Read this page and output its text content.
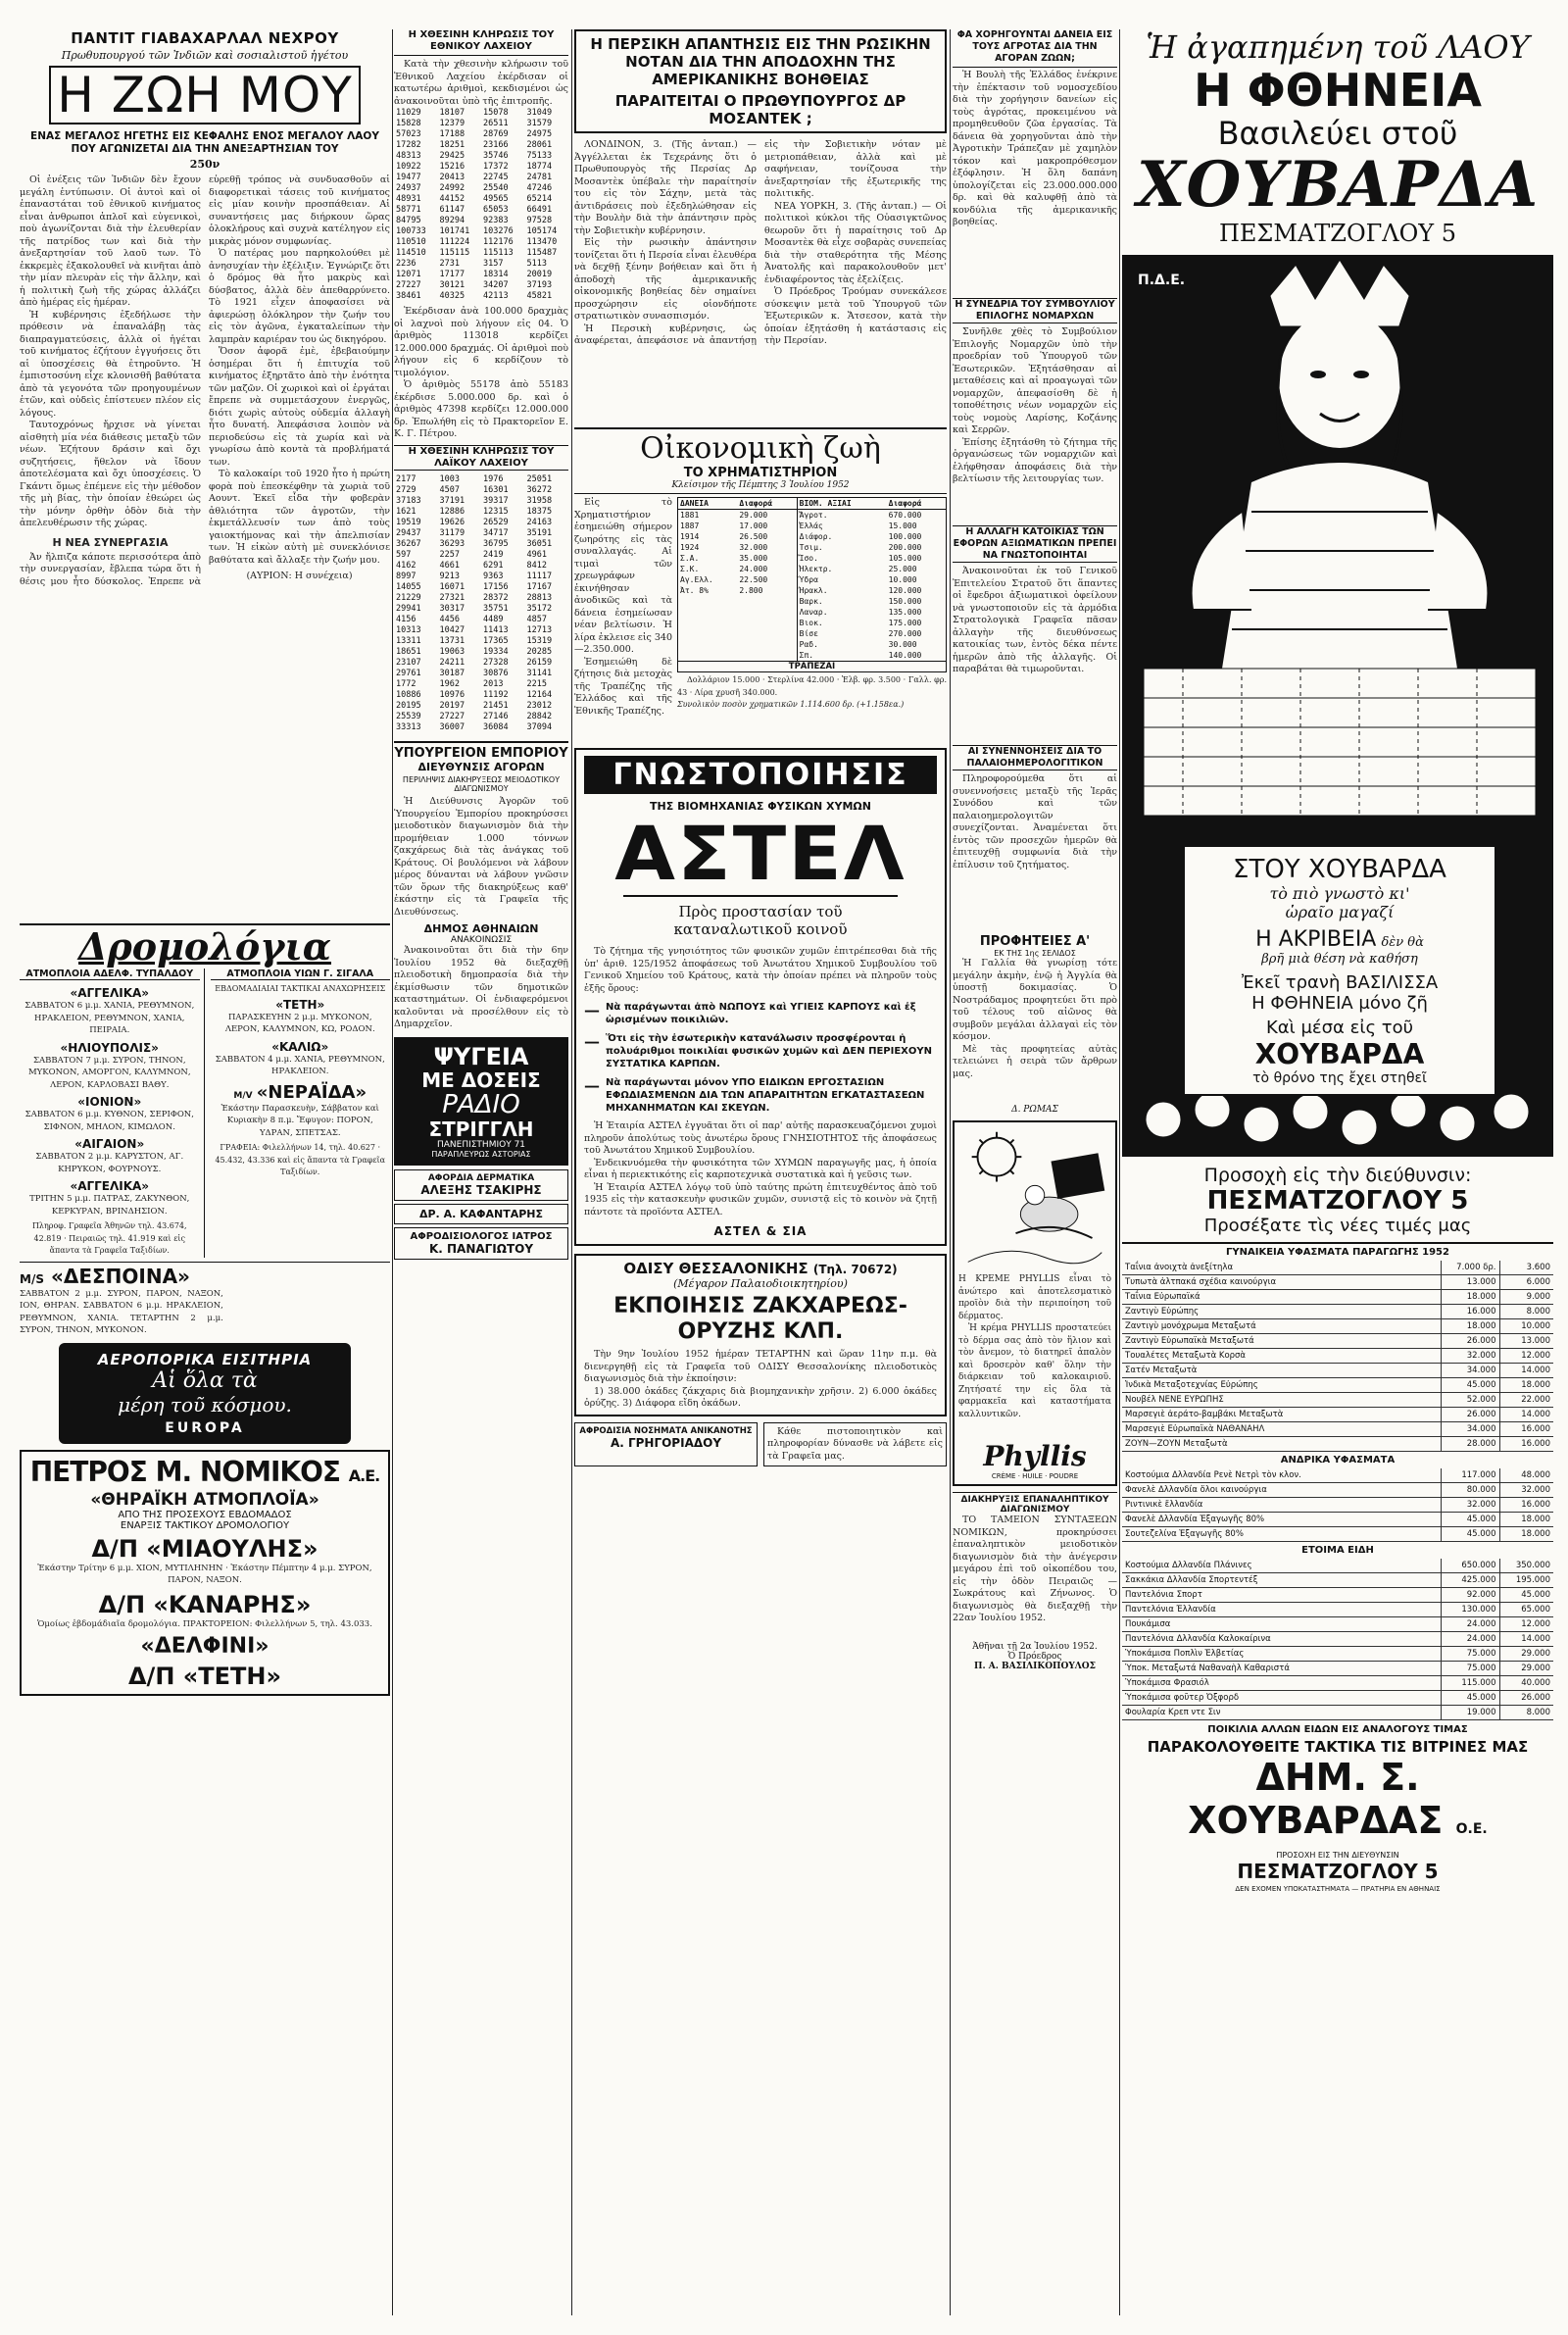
ΠΑΝΤΙΤ ΓΙΑΒΑΧΑΡΛΑΛ ΝΕΧΡΟΥ
Πρωθυπουργού τῶν Ἰνδιῶν καὶ σοσιαλιστοῦ ἡγέτου
Η ΖΩΗ ΜΟΥ
ΕΝΑΣ ΜΕΓΑΛΟΣ ΗΓΕΤΗΣ ΕΙΣ ΚΕΦΑΛΗΣ ΕΝΟΣ ΜΕΓΑΛΟΥ ΛΑΟΥ ΠΟΥ ΑΓΩΝΙΖΕΤΑΙ ΔΙΑ ΤΗΝ ΑΝΕΞΑΡΤΗΣΙΑΝ ΤΟΥ
250ν

Οἱ ἐνέξεις τῶν Ἰνδιῶν δὲν ἔχουν μεγάλη ἐντύπωσιν. Οἱ ἀυτοὶ καὶ οἱ ἐπαναστάται τοῦ ἐθνικοῦ κινήματος εἶναι ἀνθρωποι ἁπλοῖ καὶ εὐγενικοὶ, ποὺ ἀγωνίζονται διὰ τὴν ἐλευθερίαν τῆς πατρίδος των καὶ διὰ τὴν ἀνεξαρτησίαν τοῦ λαοῦ των. Τὸ ἐκκρεμὲς ἐξακολουθεῖ νὰ κινῆται ἀπὸ τὴν μίαν πλευρὰν εἰς τὴν ἄλλην, καὶ ἡ πολιτικὴ ζωὴ τῆς χώρας ἀλλάζει ἀπὸ ἡμέρας εἰς ἡμέραν.

Ἡ κυβέρνησις ἐξεδήλωσε τὴν πρόθεσιν νὰ ἐπαναλάβῃ τὰς διαπραγματεύσεις, ἀλλὰ οἱ ἡγέται τοῦ κινήματος ἐζήτουν ἐγγυήσεις ὅτι αἱ ὑποσχέσεις θὰ ἐτηροῦντο. Ἡ ἐμπιστοσύνη εἶχε κλονισθῆ βαθύτατα ἀπὸ τὰ γεγονότα τῶν προηγουμένων ἐτῶν, καὶ οὐδεὶς ἐπίστευεν πλέον εἰς λόγους.

Ταυτοχρόνως ἤρχισε νὰ γίνεται αἰσθητὴ μία νέα διάθεσις μεταξὺ τῶν νέων. Ἐζήτουν δράσιν καὶ ὄχι συζητήσεις, ἤθελον νὰ ἴδουν ἀποτελέσματα καὶ ὄχι ὑποσχέσεις. Ὁ Γκάντι ὅμως ἐπέμενε εἰς τὴν μέθοδον τῆς μὴ βίας, τὴν ὁποίαν ἐθεώρει ὡς τὴν μόνην ὀρθὴν ὁδὸν διὰ τὴν ἀπελευθέρωσιν τῆς χώρας.

Η ΝΕΑ ΣΥΝΕΡΓΑΣΙΑ

Ἀν ἤλπιζα κάποτε περισσότερα ἀπὸ τὴν συνεργασίαν, ἔβλεπα τώρα ὅτι ἡ θέσις μου ἦτο δύσκολος. Ἐπρεπε νὰ εὑρεθῇ τρόπος νὰ συνδυασθοῦν αἱ διαφορετικαὶ τάσεις τοῦ κινήματος εἰς μίαν κοινὴν προσπάθειαν. Αἱ συναντήσεις μας διήρκουν ὥρας ὁλοκλήρους καὶ συχνὰ κατέληγον εἰς μικρὰς μόνον συμφωνίας.

Ὁ πατέρας μου παρηκολούθει μὲ ἀνησυχίαν τὴν ἐξέλιξιν. Ἐγνώριζε ὅτι ὁ δρόμος θὰ ἦτο μακρὺς καὶ δύσβατος, ἀλλὰ δὲν ἀπεθαρρύνετο. Τὸ 1921 εἶχεν ἀποφασίσει νὰ ἀφιερώσῃ ὁλόκληρον τὴν ζωήν του εἰς τὸν ἀγῶνα, ἐγκαταλείπων τὴν λαμπρὰν καριέραν του ὡς δικηγόρου.

Ὅσον ἀφορᾶ ἐμὲ, ἐβεβαιούμην ὁσημέραι ὅτι ἡ ἐπιτυχία τοῦ κινήματος ἐξηρτᾶτο ἀπὸ τὴν ἑνότητα τῶν μαζῶν. Οἱ χωρικοὶ καὶ οἱ ἐργάται ἔπρεπε νὰ συμμετάσχουν ἐνεργῶς, διότι χωρὶς αὐτοὺς οὐδεμία ἀλλαγὴ ἦτο δυνατή. Ἀπεφάσισα λοιπὸν νὰ περιοδεύσω εἰς τὰ χωρία καὶ νὰ γνωρίσω ἀπὸ κοντὰ τὰ προβλήματά των.

Τὸ καλοκαίρι τοῦ 1920 ἦτο ἡ πρώτη φορὰ ποὺ ἐπεσκέφθην τὰ χωριὰ τοῦ Αουντ. Ἐκεῖ εἶδα τὴν φοβερὰν ἀθλιότητα τῶν ἀγροτῶν, τὴν ἐκμετάλλευσίν των ἀπὸ τοὺς γαιοκτήμονας καὶ τὴν ἀπελπισίαν των. Ἡ εἰκὼν αὐτὴ μὲ συνεκλόνισε βαθύτατα καὶ ἄλλαξε τὴν ζωήν μου.

(ΑΥΡΙΟΝ: Η συνέχεια)
Δρομολόγια
ΑΤΜΟΠΛΟΙΑ ΑΔΕΛΦ. ΤΥΠΑΛΔΟΥ
«ΑΓΓΕΛΙΚΑ»
ΣΑΒΒΑΤΟΝ 6 μ.μ. ΧΑΝΙΑ, ΡΕΘΥΜΝΟΝ, ΗΡΑΚΛΕΙΟΝ, ΡΕΘΥΜΝΟΝ, ΧΑΝΙΑ, ΠΕΙΡΑΙΑ.
«ΗΛΙΟΥΠΟΛΙΣ»
ΣΑΒΒΑΤΟΝ 7 μ.μ. ΣΥΡΟΝ, ΤΗΝΟΝ, ΜΥΚΟΝΟΝ, ΑΜΟΡΓΟΝ, ΚΑΛΥΜΝΟΝ, ΛΕΡΟΝ, ΚΑΡΛΟΒΑΣΙ ΒΑΘΥ.
«ΙΟΝΙΟΝ»
ΣΑΒΒΑΤΟΝ 6 μ.μ. ΚΥΘΝΟΝ, ΣΕΡΙΦΟΝ, ΣΙΦΝΟΝ, ΜΗΛΟΝ, ΚΙΜΩΛΟΝ.
«ΑΙΓΑΙΟΝ»
ΣΑΒΒΑΤΟΝ 2 μ.μ. ΚΑΡΥΣΤΟΝ, ΑΓ. ΚΗΡΥΚΟΝ, ΦΟΥΡΝΟΥΣ.
«ΑΓΓΕΛΙΚΑ»
ΤΡΙΤΗΝ 5 μ.μ. ΠΑΤΡΑΣ, ΖΑΚΥΝΘΟΝ, ΚΕΡΚΥΡΑΝ, ΒΡΙΝΔΗΣΙΟΝ.
Πληροφ. Γραφεῖα Ἀθηνῶν τηλ. 43.674, 42.819 · Πειραιῶς τηλ. 41.919 καὶ εἰς ἅπαντα τὰ Γραφεῖα Ταξιδίων.
ΑΤΜΟΠΛΟΙΑ ΥΙΩΝ Γ. ΣΙΓΑΛΑ
ΕΒΔΟΜΑΔΙΑΙΑΙ ΤΑΚΤΙΚΑΙ ΑΝΑΧΩΡΗΣΕΙΣ
«ΤΕΤΗ»
ΠΑΡΑΣΚΕΥΗΝ 2 μ.μ. ΜΥΚΟΝΟΝ, ΛΕΡΟΝ, ΚΑΛΥΜΝΟΝ, ΚΩ, ΡΟΔΟΝ.
«ΚΑΛΙΩ»
ΣΑΒΒΑΤΟΝ 4 μ.μ. ΧΑΝΙΑ, ΡΕΘΥΜΝΟΝ, ΗΡΑΚΛΕΙΟΝ.
Μ/V «ΝΕΡΑΪΔΑ»
Ἑκάστην Παρασκευὴν, Σάββατον καὶ Κυριακὴν 8 π.μ. Ἔφυγον: ΠΟΡΟΝ, ΥΔΡΑΝ, ΣΠΕΤΣΑΣ.
ΓΡΑΦΕΙΑ: Φιλελλήνων 14, τηλ. 40.627 · 45.432, 43.336 καὶ εἰς ἅπαντα τὰ Γραφεῖα Ταξιδίων.
Μ/S «ΔΕΣΠΟΙΝΑ»
ΣΑΒΒΑΤΟΝ 2 μ.μ. ΣΥΡΟΝ, ΠΑΡΟΝ, ΝΑΞΟΝ, ΙΟΝ, ΘΗΡΑΝ. ΣΑΒΒΑΤΟΝ 6 μ.μ. ΗΡΑΚΛΕΙΟΝ, ΡΕΘΥΜΝΟΝ, ΧΑΝΙΑ. ΤΕΤΑΡΤΗΝ 2 μ.μ. ΣΥΡΟΝ, ΤΗΝΟΝ, ΜΥΚΟΝΟΝ.
ΑΕΡΟΠΟΡΙΚΑ ΕΙΣΙΤΗΡΙΑ
Αἱ ὅλα τὰ
μέρη τοῦ κόσμου.
EUROPA
ΠΕΤΡΟΣ Μ. ΝΟΜΙΚΟΣ Α.Ε.
«ΘΗΡΑΪΚΗ ΑΤΜΟΠΛΟΪΑ»
ΑΠΟ ΤΗΣ ΠΡΟΣΕΧΟΥΣ ΕΒΔΟΜΑΔΟΣ
ΕΝΑΡΞΙΣ ΤΑΚΤΙΚΟΥ ΔΡΟΜΟΛΟΓΙΟΥ
Δ/Π «ΜΙΑΟΥΛΗΣ»
Ἐκάστην Τρίτην 6 μ.μ. ΧΙΟΝ, ΜΥΤΙΛΗΝΗΝ · Ἐκάστην Πέμπτην 4 μ.μ. ΣΥΡΟΝ, ΠΑΡΟΝ, ΝΑΞΟΝ.
Δ/Π «ΚΑΝΑΡΗΣ»
Ὁμοίως ἑβδομάδιαῖα δρομολόγια. ΠΡΑΚΤΟΡΕΙΟΝ: Φιλελλήνων 5, τηλ. 43.033.
«ΔΕΛΦΙΝΙ»
Δ/Π «ΤΕΤΗ»
Η ΧΘΕΣΙΝΗ ΚΛΗΡΩΣΙΣ ΤΟΥ ΕΘΝΙΚΟΥ ΛΑΧΕΙΟΥ

Κατὰ τὴν χθεσινὴν κλήρωσιν τοῦ Ἐθνικοῦ Λαχείου ἐκέρδισαν οἱ κατωτέρω ἀριθμοὶ, κεκδισμένοι ὡς ἀνακοινοῦται ὑπὸ τῆς ἐπιτροπῆς.

11029	18107	15078	31049
15828	12379	26511	31579
57023	17188	28769	24975
17282	18251	23166	28061
48313	29425	35746	75133
10922	15216	17372	18774
19477	20413	22745	24781
24937	24992	25540	47246
48931	44152	49565	65214
58771	61147	65053	66491
84795	89294	92383	97528
100733	101741	103276	105174
110510	111224	112176	113470
114510	115115	115113	115487
2236	2731	3157	5113
12071	17177	18314	20019
27227	30121	34207	37193
38461	40325	42113	45821

Ἐκέρδισαν ἀνὰ 100.000 δραχμὰς οἱ λαχνοὶ ποὺ λήγουν εἰς 04. Ὁ ἀριθμὸς 113018 κερδίζει 12.000.000 δραχμάς. Οἱ ἀριθμοὶ ποὺ λήγουν εἰς 6 κερδίζουν τὸ τιμολόγιον.

Ὁ ἀριθμὸς 55178 ἀπὸ 55183 ἐκέρδισε 5.000.000 δρ. καὶ ὁ ἀριθμὸς 47398 κερδίζει 12.000.000 δρ. Ἐπωλήθη εἰς τὸ Πρακτορεῖον Ε. Κ. Γ. Πέτρου.

Η ΧΘΕΣΙΝΗ ΚΛΗΡΩΣΙΣ ΤΟΥ ΛΑΪΚΟΥ ΛΑΧΕΙΟΥ
2177	1003	1976	25051
2729	4507	16301	36272
37183	37191	39317	31958
1621	12886	12315	18375
19519	19626	26529	24163
29437	31179	34717	35191
36267	36293	36795	36051
597	2257	2419	4961
4162	4661	6291	8412
8997	9213	9363	11117
14055	16071	17156	17167
21229	27321	28372	28813
29941	30317	35751	35172
4156	4456	4489	4857
10313	10427	11413	12713
13311	13731	17365	15319
18651	19063	19334	20285
23107	24211	27328	26159
29761	30187	30876	31141
1772	1962	2013	2215
10886	10976	11192	12164
20195	20197	21451	23012
25539	27227	27146	28842
33313	36007	36084	37094
ΥΠΟΥΡΓΕΙΟΝ ΕΜΠΟΡΙΟΥ
ΔΙΕΥΘΥΝΣΙΣ ΑΓΟΡΩΝ
ΠΕΡΙΛΗΨΙΣ ΔΙΑΚΗΡΥΞΕΩΣ ΜΕΙΟΔΟΤΙΚΟΥ ΔΙΑΓΩΝΙΣΜΟΥ

Ἡ Διεύθυνσις Ἀγορῶν τοῦ Ὑπουργείου Ἐμπορίου προκηρύσσει μειοδοτικὸν διαγωνισμὸν διὰ τὴν προμήθειαν 1.000 τόννων ζακχάρεως διὰ τὰς ἀνάγκας τοῦ Κράτους. Οἱ βουλόμενοι νὰ λάβουν μέρος δύνανται νὰ λάβουν γνῶσιν τῶν ὅρων τῆς διακηρύξεως καθ' ἑκάστην εἰς τὰ Γραφεῖα τῆς Διευθύνσεως.

ΔΗΜΟΣ ΑΘΗΝΑΙΩΝ
ΑΝΑΚΟΙΝΩΣΙΣ

Ἀνακοινοῦται ὅτι διὰ τὴν 6ην Ἰουλίου 1952 θὰ διεξαχθῇ πλειοδοτικὴ δημοπρασία διὰ τὴν ἐκμίσθωσιν τῶν δημοτικῶν καταστημάτων. Οἱ ἐνδιαφερόμενοι καλοῦνται νὰ προσέλθουν εἰς τὸ Δημαρχεῖον.

ΨΥΓΕΙΑ
ΜΕ ΔΟΣΕΙΣ
ΡΑΔΙΟ
ΣΤΡΙΓΓΛΗ
ΠΑΝΕΠΙΣΤΗΜΙΟΥ 71
ΠΑΡΑΠΛΕΥΡΩΣ ΑΣΤΟΡΙΑΣ
ΑΦΟΡΔΙΑ ΔΕΡΜΑΤΙΚΑ
ΑΛΕΞΗΣ ΤΣΑΚΙΡΗΣ
ΔΡ. Α. ΚΑΦΑΝΤΑΡΗΣ
ΑΦΡΟΔΙΣΙΟΛΟΓΟΣ ΙΑΤΡΟΣ
Κ. ΠΑΝΑΓΙΩΤΟΥ
Η ΠΕΡΣΙΚΗ ΑΠΑΝΤΗΣΙΣ ΕΙΣ ΤΗΝ ΡΩΣΙΚΗΝ ΝΟΤΑΝ ΔΙΑ ΤΗΝ ΑΠΟΔΟΧΗΝ ΤΗΣ ΑΜΕΡΙΚΑΝΙΚΗΣ ΒΟΗΘΕΙΑΣ
ΠΑΡΑΙΤΕΙΤΑΙ Ο ΠΡΩΘΥΠΟΥΡΓΟΣ ΔΡ ΜΟΣΑΝΤΕΚ ;

ΛΟΝΔΙΝΟΝ, 3. (Τῆς ἀνταπ.) — Ἀγγέλλεται ἐκ Τεχεράνης ὅτι ὁ Πρωθυπουργὸς τῆς Περσίας Δρ Μοσαντὲκ ὑπέβαλε τὴν παραίτησίν του εἰς τὸν Σάχην, μετὰ τὰς ἀντιδράσεις ποὺ ἐξεδηλώθησαν εἰς τὴν Βουλὴν διὰ τὴν ἀπάντησιν πρὸς τὴν Σοβιετικὴν κυβέρνησιν.

Εἰς τὴν ρωσικὴν ἀπάντησιν τονίζεται ὅτι ἡ Περσία εἶναι ἐλευθέρα νὰ δεχθῇ ξένην βοήθειαν καὶ ὅτι ἡ ἀποδοχὴ τῆς ἀμερικανικῆς οἰκονομικῆς βοηθείας δὲν σημαίνει προσχώρησιν εἰς οἱονδήποτε στρατιωτικὸν συνασπισμόν.

Ἡ Περσικὴ κυβέρνησις, ὡς ἀναφέρεται, ἀπεφάσισε νὰ ἀπαντήσῃ εἰς τὴν Σοβιετικὴν νόταν μὲ μετριοπάθειαν, ἀλλὰ καὶ μὲ σαφήνειαν, τονίζουσα τὴν ἀνεξαρτησίαν τῆς ἐξωτερικῆς της πολιτικῆς.

ΝΕΑ ΥΟΡΚΗ, 3. (Τῆς ἀνταπ.) — Οἱ πολιτικοὶ κύκλοι τῆς Οὐασιγκτῶνος θεωροῦν ὅτι ἡ παραίτησις τοῦ Δρ Μοσαντὲκ θὰ εἶχε σοβαρὰς συνεπείας διὰ τὴν σταθερότητα τῆς Μέσης Ἀνατολῆς καὶ παρακολουθοῦν μετ' ἐνδιαφέροντος τὰς ἐξελίξεις.

Ὁ Πρόεδρος Τρούμαν συνεκάλεσε σύσκεψιν μετὰ τοῦ Ὑπουργοῦ τῶν Ἐξωτερικῶν κ. Ἄτσεσον, κατὰ τὴν ὁποίαν ἐξητάσθη ἡ κατάστασις εἰς τὴν Περσίαν.

Οἰκονομικὴ ζωὴ
ΤΟ ΧΡΗΜΑΤΙΣΤΗΡΙΟΝ
Κλείσιμον τῆς Πέμπτης 3 Ἰουλίου 1952

Εἰς τὸ Χρηματιστήριον ἐσημειώθη σήμερον ζωηρότης εἰς τὰς συναλλαγάς. Αἱ τιμαὶ τῶν χρεωγράφων ἐκινήθησαν ἀνοδικῶς καὶ τὰ δάνεια ἐσημείωσαν νέαν βελτίωσιν. Ἡ λίρα ἐκλεισε εἰς 340—2.350.000.

Ἐσημειώθη δὲ ζήτησις διὰ μετοχὰς τῆς Τραπέζης τῆς Ἑλλάδος καὶ τῆς Ἐθνικῆς Τραπέζης.

ΔΑΝΕΙΑ	Διαφορά	ΒΙΟΜ. ΑΞΙΑΙ	Διαφορά
1881	29.000	Ἄγροτ.	670.000
1887	17.000	Ἑλλάς	15.000
1914	26.500	Διάφορ.	100.000
1924	32.000	Τσιμ.	200.000
Σ.Α.	35.000	Ἴσο.	105.000
Σ.Κ.	24.000	Ἠλεκτρ.	25.000
Αγ.Ελλ.	22.500	Ὕδρα	10.000
Ἀτ. 8%	2.800	Ἥρακλ.	120.000
		Βαρκ.	150.000
		Λαναρ.	135.000
		Βιοκ.	175.000
		Βίσε	270.000
		Ραδ.	30.000
		Σπ.	140.000
ΤΡΑΠΕΖΑΙ

Δολλάριον 15.000 · Στερλίνα 42.000 · Ἑλβ. φρ. 3.500 · Γαλλ. φρ. 43 · Λίρα χρυσῆ 340.000.

Συνολικὸν ποσὸν χρηματικῶν 1.114.600 δρ. (+1.158εα.)
ΓΝΩΣΤΟΠΟΙΗΣΙΣ
ΤΗΣ ΒΙΟΜΗΧΑΝΙΑΣ ΦΥΣΙΚΩΝ ΧΥΜΩΝ
ΑΣΤΕΛ
Πρὸς προστασίαν τοῦ
καταναλωτικοῦ κοινοῦ

Τὸ ζήτημα τῆς γνησιότητος τῶν φυσικῶν χυμῶν ἐπιτρέπεσθαι διὰ τῆς ὑπ' ἀριθ. 125/1952 ἀποφάσεως τοῦ Ἀνωτάτου Χημικοῦ Συμβουλίου τοῦ Γενικοῦ Χημείου τοῦ Κράτους, κατὰ τὴν ὁποίαν πρέπει νὰ πληροῦν τοὺς ἑξῆς ὅρους:

— Νὰ παράγωνται ἀπὸ ΝΩΠΟΥΣ καὶ ΥΓΙΕΙΣ ΚΑΡΠΟΥΣ καὶ ἐξ ὡρισμένων ποικιλιῶν.
— Ὅτι εἰς τὴν ἐσωτερικὴν κατανάλωσιν προσφέρονται ἡ πολυάριθμοι ποικιλίαι φυσικῶν χυμῶν καὶ ΔΕΝ ΠΕΡΙΕΧΟΥΝ ΣΥΣΤΑΤΙΚΑ ΚΑΡΠΩΝ.
— Νὰ παράγωνται μόνον ΥΠΟ ΕΙΔΙΚΩΝ ΕΡΓΟΣΤΑΣΙΩΝ ΕΦΩΔΙΑΣΜΕΝΩΝ ΔΙΑ ΤΩΝ ΑΠΑΡΑΙΤΗΤΩΝ ΕΓΚΑΤΑΣΤΑΣΕΩΝ ΜΗΧΑΝΗΜΑΤΩΝ ΚΑΙ ΣΚΕΥΩΝ.

Ἡ Ἑταιρία ΑΣΤΕΛ ἐγγυᾶται ὅτι οἱ παρ' αὐτῆς παρασκευαζόμενοι χυμοὶ πληροῦν ἀπολύτως τοὺς ἀνωτέρω ὅρους ΓΝΗΣΙΟΤΗΤΟΣ τῆς ἀποφάσεως τοῦ Ἀνωτάτου Χημικοῦ Συμβουλίου.

Ἐνδεικνυόμεθα τὴν φυσικότητα τῶν ΧΥΜΩΝ παραγωγῆς μας, ἡ ὁποία εἶναι ἡ περιεκτικότης εἰς καρποτεχνικὰ συστατικὰ καὶ ἡ γεῦσις των.

Ἡ Ἑταιρία ΑΣΤΕΛ λόγῳ τοῦ ὑπὸ ταύτης πρώτη ἐπιτευχθέντος ἀπὸ τοῦ 1935 εἰς τὴν κατασκευὴν φυσικῶν χυμῶν, συνιστᾷ εἰς τὸ κοινὸν νὰ ζητῇ πάντοτε τὰ προϊόντα ΑΣΤΕΛ.

ΑΣΤΕΛ & ΣΙΑ
ΟΔΙΣΥ ΘΕΣΣΑΛΟΝΙΚΗΣ (Τηλ. 70672)
(Μέγαρον Παλαιοδιοικητηρίου)
ΕΚΠΟΙΗΣΙΣ ΖΑΚΧΑΡΕΩΣ-ΟΡΥΖΗΣ ΚΛΠ.

Τὴν 9ην Ἰουλίου 1952 ἡμέραν ΤΕΤΑΡΤΗΝ καὶ ὥραν 11ην π.μ. θὰ διενεργηθῇ εἰς τὰ Γραφεῖα τοῦ ΟΔΙΣΥ Θεσσαλονίκης πλειοδοτικὸς διαγωνισμὸς διὰ τὴν ἐκποίησιν:

1) 38.000 ὀκάδες ζάκχαρις διὰ βιομηχανικὴν χρῆσιν. 2) 6.000 ὀκάδες ὀρύζης. 3) Διάφορα εἴδη ὀκάδων.

ΑΦΡΟΔΙΣΙΑ ΝΟΣΗΜΑΤΑ ΑΝΙΚΑΝΟΤΗΣ
Α. ΓΡΗΓΟΡΙΑΔΟΥ

Κάθε πιστοποιητικὸν καὶ πληροφορίαν δύνασθε νὰ λάβετε εἰς τὰ Γραφεῖα μας.

ΦΑ ΧΟΡΗΓΟΥΝΤΑΙ ΔΑΝΕΙΑ ΕΙΣ ΤΟΥΣ ΑΓΡΟΤΑΣ ΔΙΑ ΤΗΝ ΑΓΟΡΑΝ ΖΩΩΝ;

Ἡ Βουλὴ τῆς Ἑλλάδος ἐνέκρινε τὴν ἐπέκτασιν τοῦ νομοσχεδίου διὰ τὴν χορήγησιν δανείων εἰς τοὺς ἀγρότας, προκειμένου νὰ προμηθευθοῦν ζῶα ἐργασίας. Τὰ δάνεια θὰ χορηγοῦνται ἀπὸ τὴν Ἀγροτικὴν Τράπεζαν μὲ χαμηλὸν τόκον καὶ μακροπρόθεσμον ἐξόφλησιν. Ἡ ὅλη δαπάνη ὑπολογίζεται εἰς 23.000.000.000 δρ. καὶ θὰ καλυφθῇ ἀπὸ τὰ κονδύλια τῆς ἀμερικανικῆς βοηθείας.

Η ΣΥΝΕΔΡΙΑ ΤΟΥ ΣΥΜΒΟΥΛΙΟΥ ΕΠΙΛΟΓΗΣ ΝΟΜΑΡΧΩΝ

Συνῆλθε χθὲς τὸ Συμβούλιον Ἐπιλογῆς Νομαρχῶν ὑπὸ τὴν προεδρίαν τοῦ Ὑπουργοῦ τῶν Ἐσωτερικῶν. Ἐξητάσθησαν αἱ μεταθέσεις καὶ αἱ προαγωγαὶ τῶν νομαρχῶν, ἀπεφασίσθη δὲ ἡ τοποθέτησις νέων νομαρχῶν εἰς τοὺς νομοὺς Λαρίσης, Κοζάνης καὶ Σερρῶν.

Ἐπίσης ἐξητάσθη τὸ ζήτημα τῆς ὀργανώσεως τῶν νομαρχιῶν καὶ ἐλήφθησαν ἀποφάσεις διὰ τὴν βελτίωσιν τῆς λειτουργίας των.

Η ΑΛΛΑΓΗ ΚΑΤΟΙΚΙΑΣ ΤΩΝ ΕΦΟΡΩΝ ΑΞΙΩΜΑΤΙΚΩΝ ΠΡΕΠΕΙ ΝΑ ΓΝΩΣΤΟΠΟΙΗΤΑΙ

Ἀνακοινοῦται ἐκ τοῦ Γενικοῦ Ἐπιτελείου Στρατοῦ ὅτι ἅπαντες οἱ ἔφεδροι ἀξιωματικοὶ ὀφείλουν νὰ γνωστοποιοῦν εἰς τὰ ἀρμόδια Στρατολογικὰ Γραφεῖα πᾶσαν ἀλλαγὴν τῆς διευθύνσεως κατοικίας των, ἐντὸς δέκα πέντε ἡμερῶν ἀπὸ τῆς ἀλλαγῆς. Οἱ παραβάται θὰ τιμωροῦνται.

ΑΙ ΣΥΝΕΝΝΟΗΣΕΙΣ ΔΙΑ ΤΟ ΠΑΛΑΙΟΗΜΕΡΟΛΟΓΙΤΙΚΟΝ

Πληροφορούμεθα ὅτι αἱ συνεννοήσεις μεταξὺ τῆς Ἱερᾶς Συνόδου καὶ τῶν παλαιοημερολογιτῶν συνεχίζονται. Ἀναμένεται ὅτι ἐντὸς τῶν προσεχῶν ἡμερῶν θὰ ἐπιτευχθῇ συμφωνία διὰ τὴν ἐπίλυσιν τοῦ ζητήματος.

ΠΡΟΦΗΤΕΙΕΣ Α'
ΕΚ ΤΗΣ 1ης ΣΕΛΙΔΟΣ

Ἡ Γαλλία θὰ γνωρίσῃ τότε μεγάλην ἀκμὴν, ἐνῷ ἡ Ἀγγλία θὰ ὑποστῇ δοκιμασίας. Ὁ Νοστράδαμος προφητεύει ὅτι πρὸ τοῦ τέλους τοῦ αἰῶνος θὰ συμβοῦν μεγάλαι ἀλλαγαὶ εἰς τὸν κόσμον.

Μὲ τὰς προφητείας αὐτὰς τελειώνει ἡ σειρὰ τῶν ἄρθρων μας.

Δ. ΡΩΜΑΣ
Η ΚΡΕΜΕ PHYLLIS εἶναι τὸ ἀνώτερο καὶ ἀποτελεσματικὸ προϊὸν διὰ τὴν περιποίηση τοῦ δέρματος.

Ἡ κρέμα PHYLLIS προστατεύει τὸ δέρμα σας ἀπὸ τὸν ἥλιον καὶ τὸν ἄνεμον, τὸ διατηρεῖ ἁπαλὸν καὶ δροσερὸν καθ' ὅλην τὴν διάρκειαν τοῦ καλοκαιριοῦ. Ζητήσατέ την εἰς ὅλα τὰ φαρμακεῖα καὶ καταστήματα καλλυντικῶν.

Phyllis
CRÈME · HUILE · POUDRE
ΔΙΑΚΗΡΥΞΙΣ ΕΠΑΝΑΛΗΠΤΙΚΟΥ ΔΙΑΓΩΝΙΣΜΟΥ

ΤΟ ΤΑΜΕΙΟΝ ΣΥΝΤΑΞΕΩΝ ΝΟΜΙΚΩΝ, προκηρύσσει ἐπαναληπτικὸν μειοδοτικὸν διαγωνισμὸν διὰ τὴν ἀνέγερσιν μεγάρου ἐπὶ τοῦ οἰκοπέδου του, εἰς τὴν ὁδὸν Πειραιῶς — Σωκράτους καὶ Ζήνωνος. Ὁ διαγωνισμὸς θὰ διεξαχθῇ τὴν 22αν Ἰουλίου 1952.

Ἀθῆναι τῇ 2α Ἰουλίου 1952.
Ὁ Πρόεδρος
Π. Α. ΒΑΣΙΛΙΚΟΠΟΥΛΟΣ
Ἡ ἀγαπημένη τοῦ ΛΑΟΥ
Η ΦΘΗΝΕΙΑ
Βασιλεύει στοῦ
ΧΟΥΒΑΡΔΑ
ΠΕΣΜΑΤΖΟΓΛΟΥ 5
Π.Δ.Ε.
ΣΤΟΥ ΧΟΥΒΑΡΔΑ
τὸ πιὸ γνωστὸ κι'
ὡραῖο μαγαζί
Η ΑΚΡΙΒΕΙΑ δὲν θὰ
βρῆ μιὰ θέση νὰ καθήση
Ἐκεῖ τρανὴ ΒΑΣΙΛΙΣΣΑ
Η ΦΘΗΝΕΙΑ μόνο ζῆ
Καὶ μέσα εἰς τοῦ
ΧΟΥΒΑΡΔΑ
τὸ θρόνο της ἔχει στηθεῖ
Προσοχὴ εἰς τὴν διεύθυνσιν:
ΠΕΣΜΑΤΖΟΓΛΟΥ 5
Προσέξατε τὶς νέες τιμές μας
ΓΥΝΑΙΚΕΙΑ ΥΦΑΣΜΑΤΑ ΠΑΡΑΓΩΓΗΣ 1952
Ταΐνια ἀνοιχτὰ ἀνεξίτηλα	7.000 δρ.	3.600
Τυπωτὰ ἀλτπακά σχέδια καινούργια	13.000	6.000
Ταΐνια Εὐρωπαϊκά	18.000	9.000
Ζαντιγὺ Εὐρώπης	16.000	8.000
Ζαντιγὺ μονόχρωμα Μεταξωτά	18.000	10.000
Ζαντιγὺ Εὐρωπαϊκὰ Μεταξωτά	26.000	13.000
Τουαλέτες Μεταξωτὰ Κορσὰ	32.000	12.000
Σατέν Μεταξωτὰ	34.000	14.000
Ἰνδικὰ Μεταξοτεχνίας Εὐρώπης	45.000	18.000
Νουβέλ ΝΕΝΕ ΕΥΡΩΠΗΣ	52.000	22.000
Μαρσεγιὲ ἀεράτο-βαμβάκι Μεταξωτὰ	26.000	14.000
Μαρσεγιὲ Εὐρωπαϊκὰ ΝΑΘΑΝΑΗΛ	34.000	16.000
ΖΟΥΝ—ΖΟΥΝ Μεταξωτὰ	28.000	16.000
ΑΝΔΡΙΚΑ ΥΦΑΣΜΑΤΑ
Κοστούμια Δλλανδία Ρενὲ Νετρὶ τὸν κλον.	117.000	48.000
Φανελὲ Δλλανδία ὅλοι καινούργια	80.000	32.000
Ριντινικὲ ἔλλανδία	32.000	16.000
Φανελὲ Δλλανδία Ἑξαγωγῆς 80%	45.000	18.000
Σουτεζελίνα Ἑξαγωγῆς 80%	45.000	18.000
ΕΤΟΙΜΑ ΕΙΔΗ
Κοστούμια Δλλανδία Πλάνινες	650.000	350.000
Σακκάκια Δλλανδία Σπορτεντέξ	425.000	195.000
Παντελόνια Σπορτ	92.000	45.000
Παντελόνια Ἐλλανδία	130.000	65.000
Πουκάμισα	24.000	12.000
Παντελόνια Δλλανδία Καλοκαίρινα	24.000	14.000
Ὑποκάμισα Ποπλὶν Ἑλβετίας	75.000	29.000
Ὑποκ. Μεταξωτά Ναθαναὴλ Καθαριστά	75.000	29.000
Ὑποκάμισα Φρασιόλ	115.000	40.000
Ὑποκάμισα φοῦτερ Ὀξφορδ	45.000	26.000
Φουλαρία Κρεπ ντε Σιν	19.000	8.000
ΠΟΙΚΙΛΙΑ ΑΛΛΩΝ ΕΙΔΩΝ ΕΙΣ ΑΝΑΛΟΓΟΥΣ ΤΙΜΑΣ
ΠΑΡΑΚΟΛΟΥΘΕΙΤΕ ΤΑΚΤΙΚΑ ΤΙΣ ΒΙΤΡΙΝΕΣ ΜΑΣ
ΔΗΜ. Σ. ΧΟΥΒΑΡΔΑΣ Ο.Ε.
ΠΡΟΣΟΧΗ ΕΙΣ ΤΗΝ ΔΙΕΥΘΥΝΣΙΝ
ΠΕΣΜΑΤΖΟΓΛΟΥ 5
ΔΕΝ ΕΧΟΜΕΝ ΥΠΟΚΑΤΑΣΤΗΜΑΤΑ — ΠΡΑΤΗΡΙΑ ΕΝ ΑΘΗΝΑΙΣ
